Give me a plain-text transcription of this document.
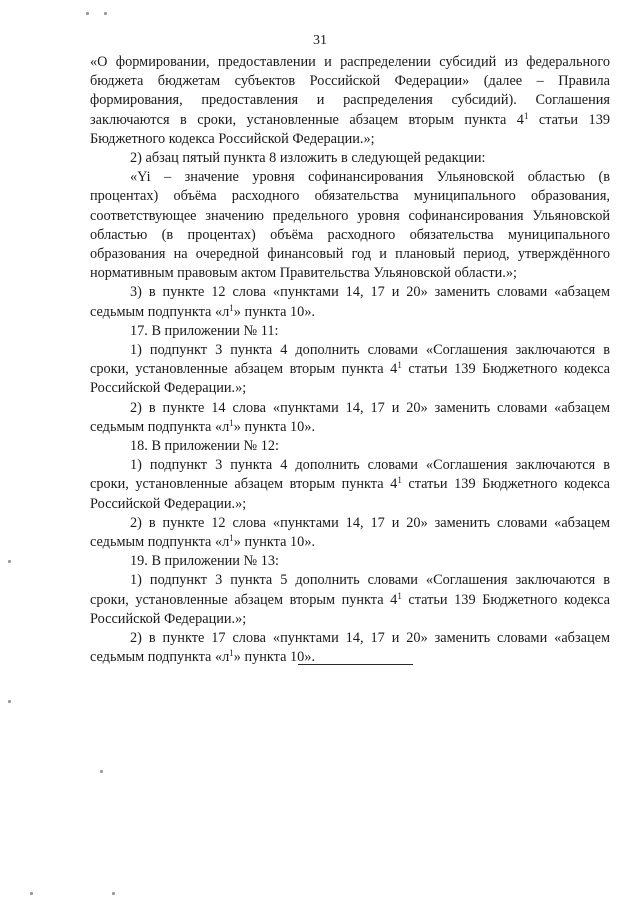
31

«О формировании, предоставлении и распределении субсидий из федерального бюджета бюджетам субъектов Российской Федерации» (далее – Правила формирования, предоставления и распределения субсидий). Соглашения заключаются в сроки, установленные абзацем вторым пункта $4^1$ статьи 139 Бюджетного кодекса Российской Федерации.»;

2) абзац пятый пункта 8 изложить в следующей редакции:

«Yi – значение уровня софинансирования Ульяновской областью (в процентах) объёма расходного обязательства муниципального образования, соответствующее значению предельного уровня софинансирования Ульяновской областью (в процентах) объёма расходного обязательства муниципального образования на очередной финансовый год и плановый период, утверждённого нормативным правовым актом Правительства Ульяновской области.»;

3) в пункте 12 слова «пунктами 14, 17 и 20» заменить словами «абзацем седьмым подпункта «$л^1$» пункта 10».

17. В приложении № 11:

1) подпункт 3 пункта 4 дополнить словами «Соглашения заключаются в сроки, установленные абзацем вторым пункта $4^1$ статьи 139 Бюджетного кодекса Российской Федерации.»;

2) в пункте 14 слова «пунктами 14, 17 и 20» заменить словами «абзацем седьмым подпункта «$л^1$» пункта 10».

18. В приложении № 12:

1) подпункт 3 пункта 4 дополнить словами «Соглашения заключаются в сроки, установленные абзацем вторым пункта $4^1$ статьи 139 Бюджетного кодекса Российской Федерации.»;

2) в пункте 12 слова «пунктами 14, 17 и 20» заменить словами «абзацем седьмым подпункта «$л^1$» пункта 10».

19. В приложении № 13:

1) подпункт 3 пункта 5 дополнить словами «Соглашения заключаются в сроки, установленные абзацем вторым пункта $4^1$ статьи 139 Бюджетного кодекса Российской Федерации.»;

2) в пункте 17 слова «пунктами 14, 17 и 20» заменить словами «абзацем седьмым подпункта «$л^1$» пункта 10».
